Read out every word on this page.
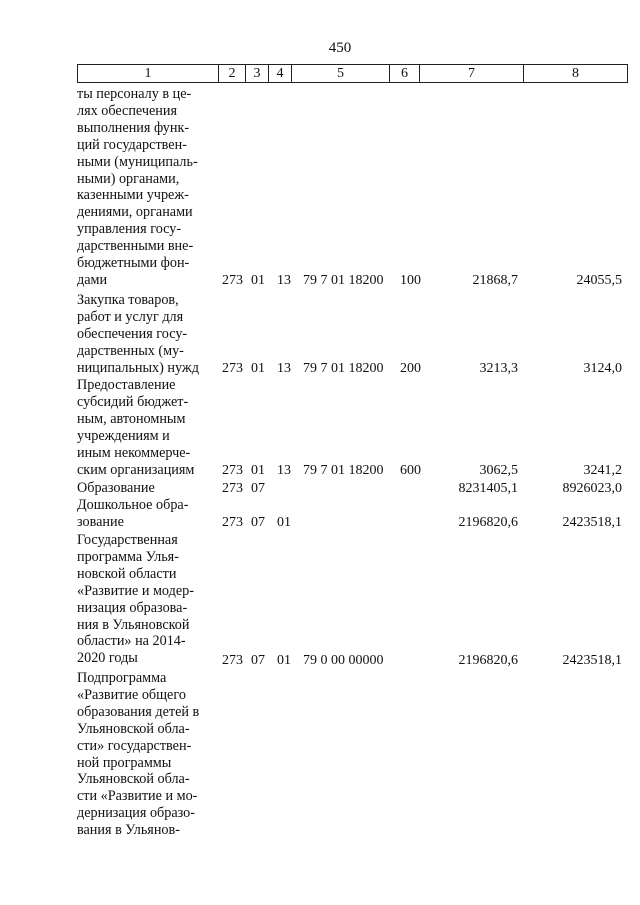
450
1	2	3	4	5	6	7	8
ты персоналу в це-
лях обеспечения
выполнения функ-
ций государствен-
ными (муниципаль-
ными) органами,
казенными учреж-
дениями, органами
управления госу-
дарственными вне-
бюджетными фон-
дами	273 01 13 79 7 01 18200 100	21868,7	24055,5
Закупка товаров,
работ и услуг для
обеспечения госу-
дарственных (му-
ниципальных) нужд	273 01 13 79 7 01 18200 200	3213,3	3124,0
Предоставление
субсидий бюджет-
ным, автономным
учреждениям и
иным некоммерче-
ским организациям	273 01 13 79 7 01 18200 600	3062,5	3241,2
Образование	273 07	8231405,1	8926023,0
Дошкольное обра-
зование	273 07 01	2196820,6	2423518,1
Государственная
программа Улья-
новской области
«Развитие и модер-
низация образова-
ния в Ульяновской
области» на 2014-
2020 годы	273 07 01 79 0 00 00000	2196820,6	2423518,1
Подпрограмма
«Развитие общего
образования детей в
Ульяновской обла-
сти» государствен-
ной программы
Ульяновской обла-
сти «Развитие и мо-
дернизация образо-
вания в Ульянов-
